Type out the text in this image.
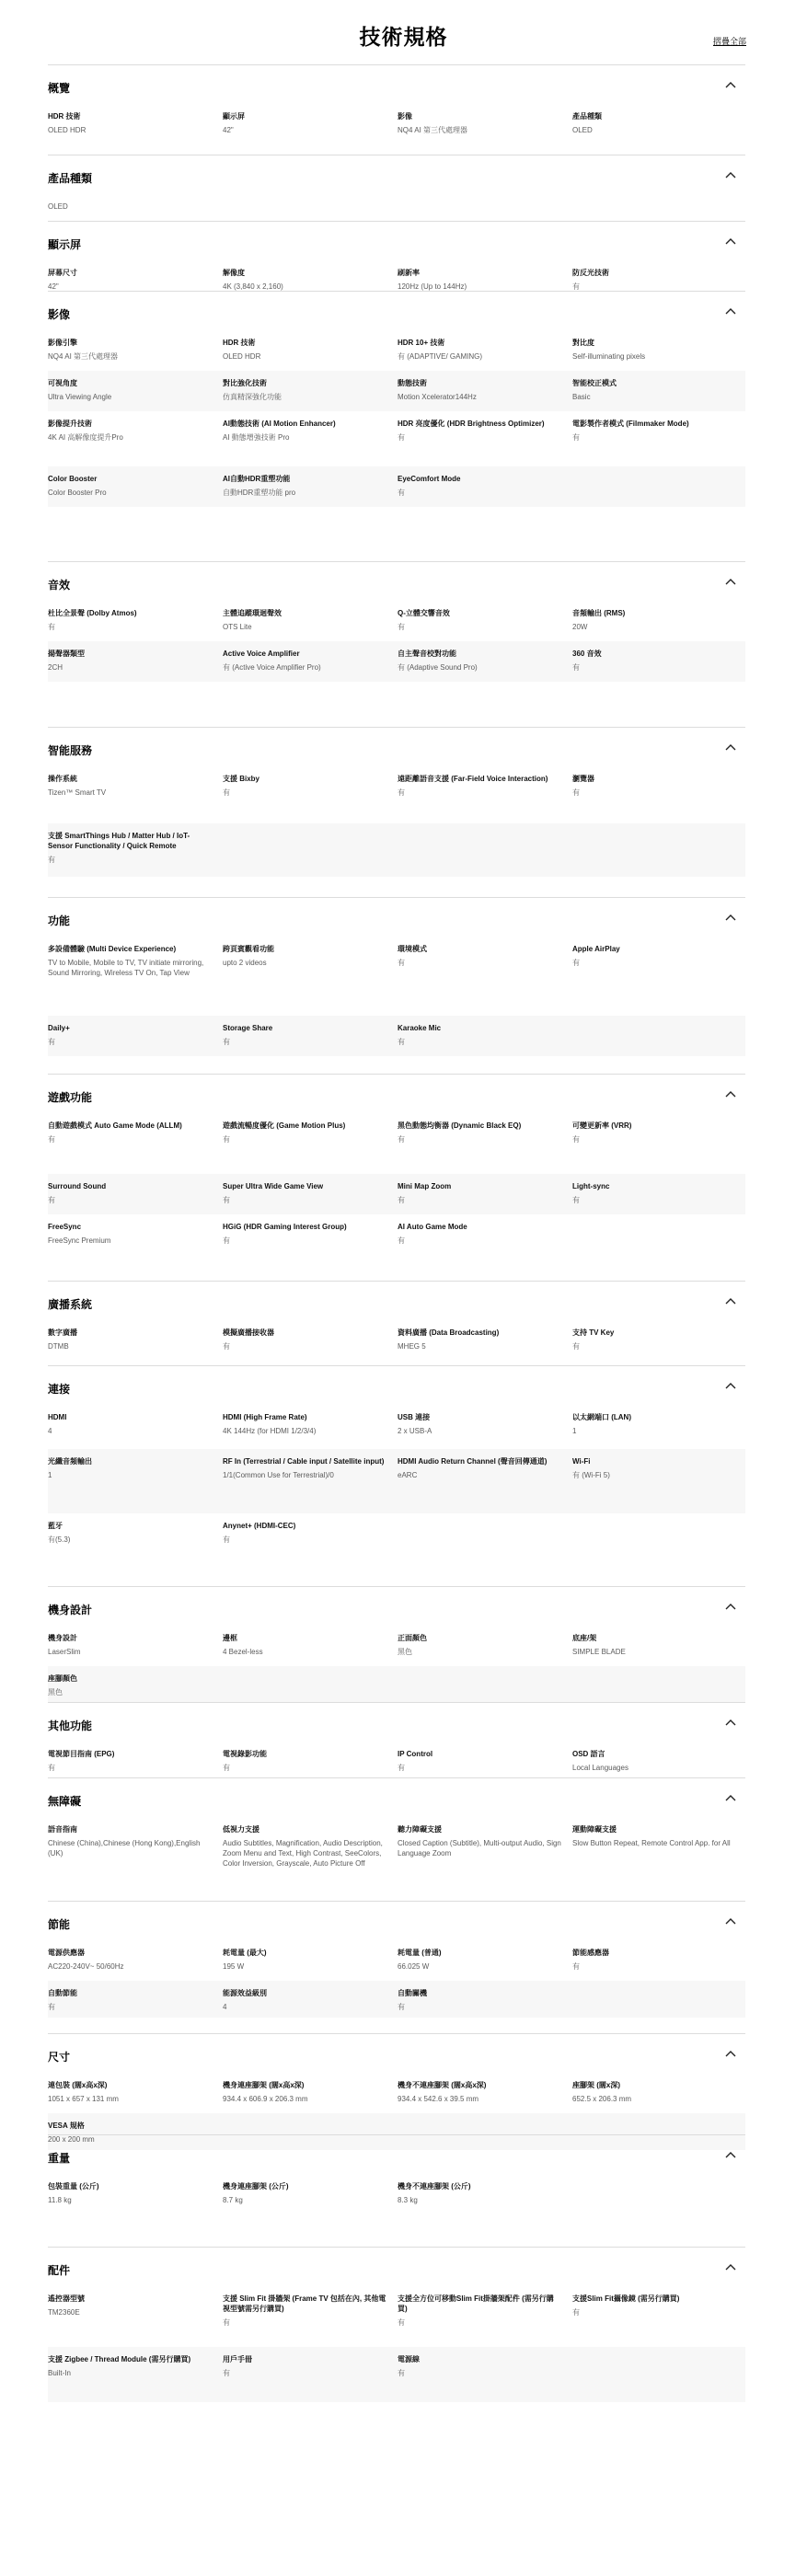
技術規格	摺疊全部
概覽
HDR 技術
OLED HDR
顯示屏
42"
影像
NQ4 AI 第三代處理器
產品種類
OLED
產品種類
OLED
顯示屏
屏幕尺寸
42"
解像度
4K (3,840 x 2,160)
刷新率
120Hz (Up to 144Hz)
防反光技術
有
影像
影像引擎
NQ4 AI 第三代處理器
HDR 技術
OLED HDR
HDR 10+ 技術
有 (ADAPTIVE/ GAMING)
對比度
Self-illuminating pixels
可視角度
Ultra Viewing Angle
對比強化技術
仿真精深強化功能
動態技術
Motion Xcelerator144Hz
智能校正模式
Basic
影像提升技術
4K AI 高解像度提升Pro
AI動態技術 (AI Motion Enhancer)
AI 動態增強技術 Pro
HDR 亮度優化 (HDR Brightness Optimizer)
有
電影製作者模式 (Filmmaker Mode)
有
Color Booster
Color Booster Pro
AI自動HDR重塑功能
自動HDR重塑功能 pro
EyeComfort Mode
有
音效
杜比全景聲 (Dolby Atmos)
有
主體追蹤環迴聲效
OTS Lite
Q-立體交響音效
有
音頻輸出 (RMS)
20W
揚聲器類型
2CH
Active Voice Amplifier
有 (Active Voice Amplifier Pro)
自主聲音校對功能
有 (Adaptive Sound Pro)
360 音效
有
智能服務
操作系統
Tizen™ Smart TV
支援 Bixby
有
遠距離語音支援 (Far-Field Voice Interaction)
有
瀏覽器
有
支援 SmartThings Hub / Matter Hub / IoT-Sensor Functionality / Quick Remote
有
功能
多設備體驗 (Multi Device Experience)
TV to Mobile, Mobile to TV, TV initiate mirroring, Sound Mirroring, Wireless TV On, Tap View
跨頁賓觀看功能
upto 2 videos
環境模式
有
Apple AirPlay
有
Daily+
有
Storage Share
有
Karaoke Mic
有
遊戲功能
自動遊戲模式 Auto Game Mode (ALLM)
有
遊戲流暢度優化 (Game Motion Plus)
有
黑色動態均衡器 (Dynamic Black EQ)
有
可變更新率 (VRR)
有
Surround Sound
有
Super Ultra Wide Game View
有
Mini Map Zoom
有
Light-sync
有
FreeSync
FreeSync Premium
HGiG (HDR Gaming Interest Group)
有
AI Auto Game Mode
有
廣播系統
數字廣播
DTMB
模擬廣播接收器
有
資料廣播 (Data Broadcasting)
MHEG 5
支持 TV Key
有
連接
HDMI
4
HDMI (High Frame Rate)
4K 144Hz (for HDMI 1/2/3/4)
USB 連接
2 x USB-A
以太網端口 (LAN)
1
光纖音頻輸出
1
RF In (Terrestrial / Cable input / Satellite input)
1/1(Common Use for Terrestrial)/0
HDMI Audio Return Channel (聲音回傳通道)
eARC
Wi-Fi
有 (Wi-Fi 5)
藍牙
有(5.3)
Anynet+ (HDMI-CEC)
有
機身設計
機身設計
LaserSlim
邊框
4 Bezel-less
正面顏色
黑色
底座/架
SIMPLE BLADE
座腳顏色
黑色
其他功能
電視節目指南 (EPG)
有
電視錄影功能
有
IP Control
有
OSD 語言
Local Languages
無障礙
語音指南
Chinese (China),Chinese (Hong Kong),English (UK)
低視力支援
Audio Subtitles, Magnification, Audio Description, Zoom Menu and Text, High Contrast, SeeColors, Color Inversion, Grayscale, Auto Picture Off
聽力障礙支援
Closed Caption (Subtitle), Multi-output Audio, Sign Language Zoom
運動障礙支援
Slow Button Repeat, Remote Control App. for All
節能
電源供應器
AC220-240V~ 50/60Hz
耗電量 (最大)
195 W
耗電量 (普通)
66.025 W
節能感應器
有
自動節能
有
能源效益級別
4
自動關機
有
尺寸
連包裝 (闊x高x深)
1051 x 657 x 131 mm
機身連座腳架 (闊x高x深)
934.4 x 606.9 x 206.3 mm
機身不連座腳架 (闊x高x深)
934.4 x 542.6 x 39.5 mm
座腳架 (闊x深)
652.5 x 206.3 mm
VESA 規格
200 x 200 mm
重量
包裝重量 (公斤)
11.8 kg
機身連座腳架 (公斤)
8.7 kg
機身不連座腳架 (公斤)
8.3 kg
配件
遙控器型號
TM2360E
支援 Slim Fit 掛牆架 (Frame TV 包括在內, 其他電視型號需另行購買)
有
支援全方位可移動Slim Fit掛牆架配件 (需另行購買)
有
支援Slim Fit攝像鏡 (需另行購買)
有
支援 Zigbee / Thread Module (需另行購買)
Built-In
用戶手冊
有
電源線
有
